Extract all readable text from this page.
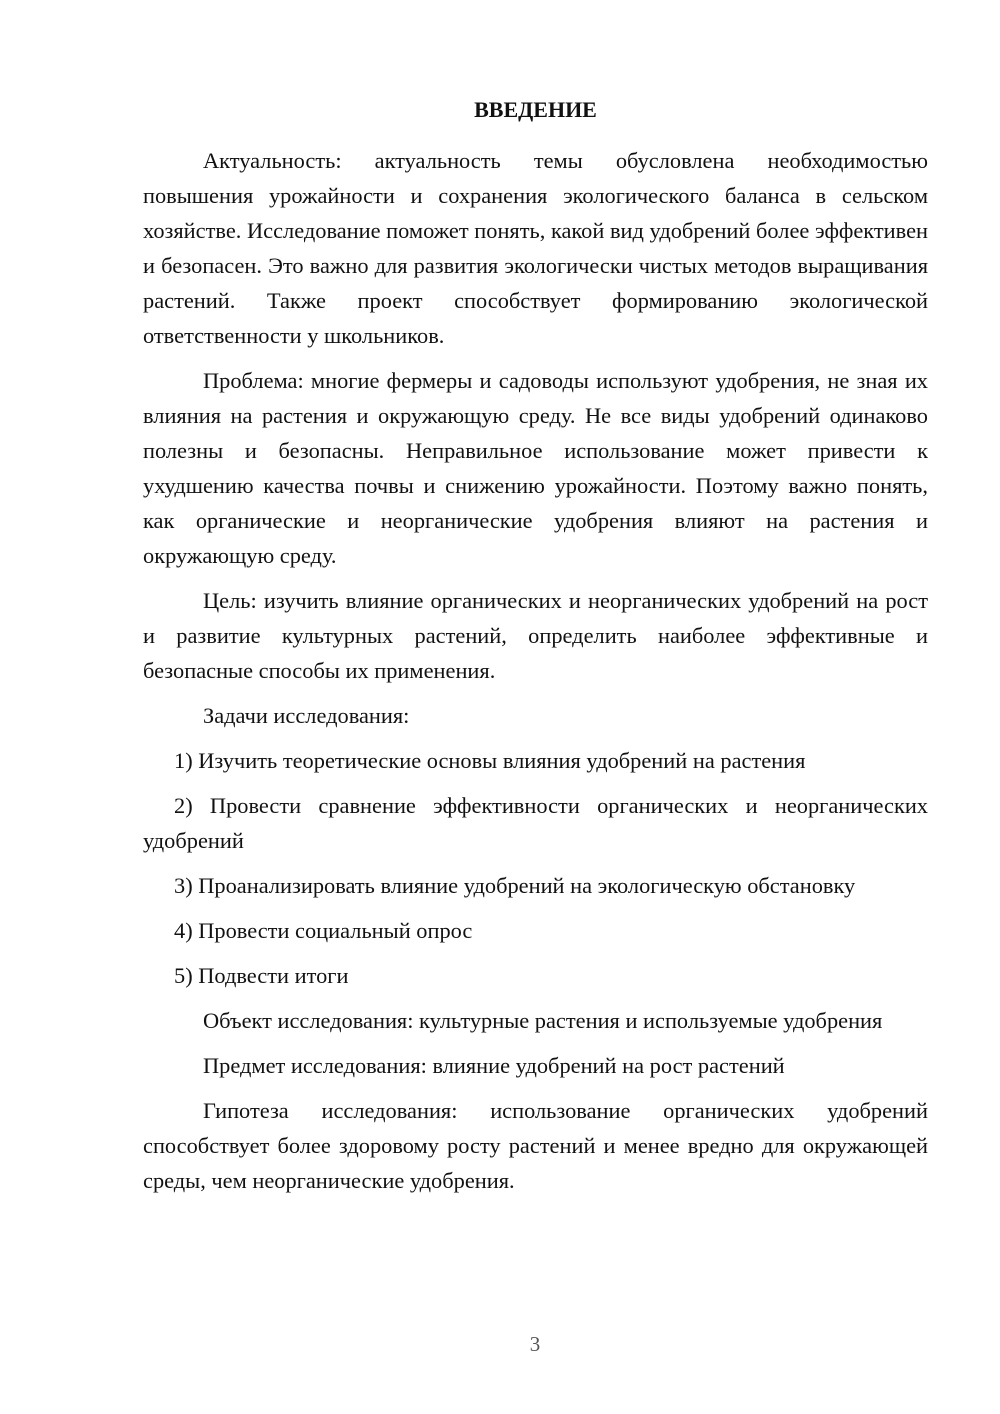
ВВЕДЕНИЕ

Актуальность: актуальность темы обусловлена необходимостью повышения урожайности и сохранения экологического баланса в сельском хозяйстве. Исследование поможет понять, какой вид удобрений более эффективен и безопасен. Это важно для развития экологически чистых методов выращивания растений. Также проект способствует формированию экологической ответственности у школьников.

Проблема: многие фермеры и садоводы используют удобрения, не зная их влияния на растения и окружающую среду. Не все виды удобрений одинаково полезны и безопасны. Неправильное использование может привести к ухудшению качества почвы и снижению урожайности. Поэтому важно понять, как органические и неорганические удобрения влияют на растения и окружающую среду.

Цель: изучить влияние органических и неорганических удобрений на рост и развитие культурных растений, определить наиболее эффективные и безопасные способы их применения.

Задачи исследования:

1) Изучить теоретические основы влияния удобрений на растения

2) Провести сравнение эффективности органических и неорганических удобрений

3) Проанализировать влияние удобрений на экологическую обстановку

4) Провести социальный опрос

5) Подвести итоги

Объект исследования: культурные растения и используемые удобрения

Предмет исследования: влияние удобрений на рост растений

Гипотеза исследования: использование органических удобрений способствует более здоровому росту растений и менее вредно для окружающей среды, чем неорганические удобрения.

3
